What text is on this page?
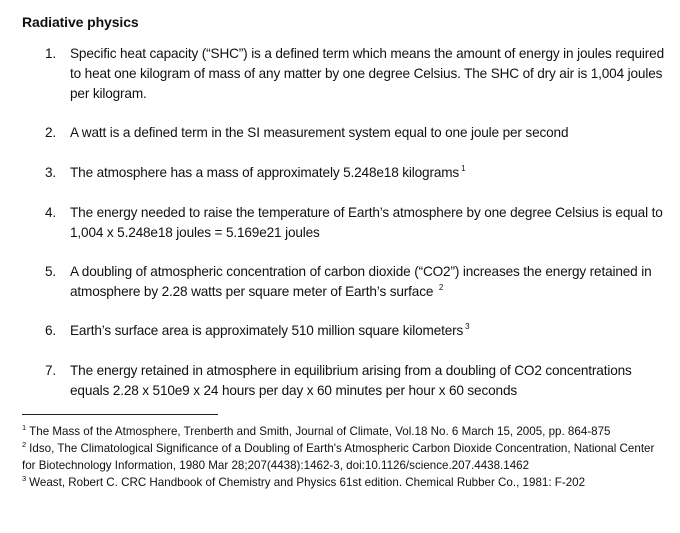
Radiative physics
1.	Specific heat capacity (“SHC”) is a defined term which means the amount of energy in joules required to heat one kilogram of mass of any matter by one degree Celsius. The SHC of dry air is 1,004 joules per kilogram.
2.	A watt is a defined term in the SI measurement system equal to one joule per second
3.	The atmosphere has a mass of approximately 5.248e18 kilograms $^1$
4.	The energy needed to raise the temperature of Earth’s atmosphere by one degree Celsius is equal to 1,004 x 5.248e18 joules = 5.169e21 joules
5.	A doubling of atmospheric concentration of carbon dioxide (“CO2”) increases the energy retained in atmosphere by 2.28 watts per square meter of Earth’s surface $^2$
6.	Earth’s surface area is approximately 510 million square kilometers $^3$
7.	The energy retained in atmosphere in equilibrium arising from a doubling of CO2 concentrations equals 2.28 x 510e9 x 24 hours per day x 60 minutes per hour x 60 seconds
$^1$ The Mass of the Atmosphere, Trenberth and Smith, Journal of Climate, Vol.18 No. 6 March 15, 2005, pp. 864-875
$^2$ Idso, The Climatological Significance of a Doubling of Earth's Atmospheric Carbon Dioxide Concentration, National Center for Biotechnology Information, 1980 Mar 28;207(4438):1462-3, doi:10.1126/science.207.4438.1462
$^3$ Weast, Robert C. CRC Handbook of Chemistry and Physics 61st edition. Chemical Rubber Co., 1981: F-202
